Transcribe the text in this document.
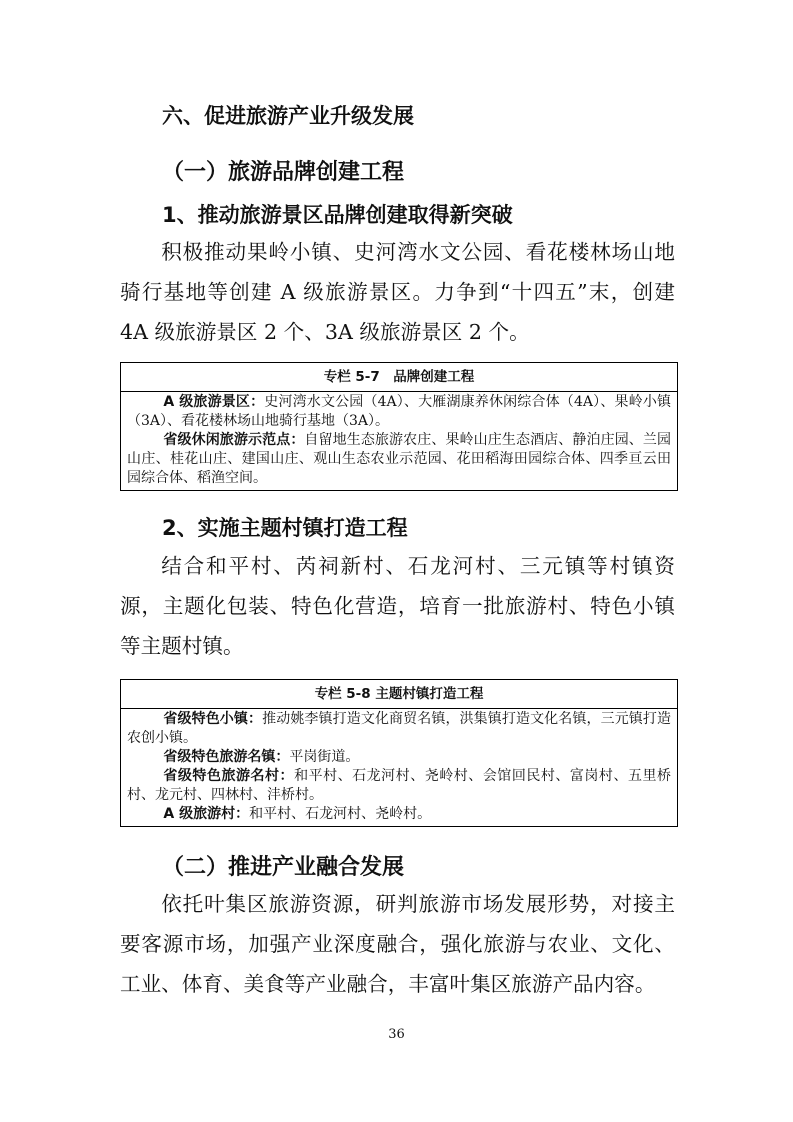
六、促进旅游产业升级发展
（一）旅游品牌创建工程
1、推动旅游景区品牌创建取得新突破

积极推动果岭小镇、史河湾水文公园、看花楼林场山地骑行基地等创建 A 级旅游景区。力争到“十四五”末，创建 4A 级旅游景区 2 个、3A 级旅游景区 2 个。

专栏 5-7　品牌创建工程

A 级旅游景区：史河湾水文公园（4A）、大雁湖康养休闲综合体（4A）、果岭小镇（3A）、看花楼林场山地骑行基地（3A）。

省级休闲旅游示范点：自留地生态旅游农庄、果岭山庄生态酒店、静泊庄园、兰园山庄、桂花山庄、建国山庄、观山生态农业示范园、花田稻海田园综合体、四季亘云田园综合体、稻渔空间。

2、实施主题村镇打造工程

结合和平村、芮祠新村、石龙河村、三元镇等村镇资源，主题化包装、特色化营造，培育一批旅游村、特色小镇等主题村镇。

专栏 5-8 主题村镇打造工程

省级特色小镇：推动姚李镇打造文化商贸名镇，洪集镇打造文化名镇，三元镇打造农创小镇。

省级特色旅游名镇：平岗街道。

省级特色旅游名村：和平村、石龙河村、尧岭村、会馆回民村、富岗村、五里桥村、龙元村、四林村、沣桥村。

A 级旅游村：和平村、石龙河村、尧岭村。

（二）推进产业融合发展

依托叶集区旅游资源，研判旅游市场发展形势，对接主要客源市场，加强产业深度融合，强化旅游与农业、文化、工业、体育、美食等产业融合，丰富叶集区旅游产品内容。

36
